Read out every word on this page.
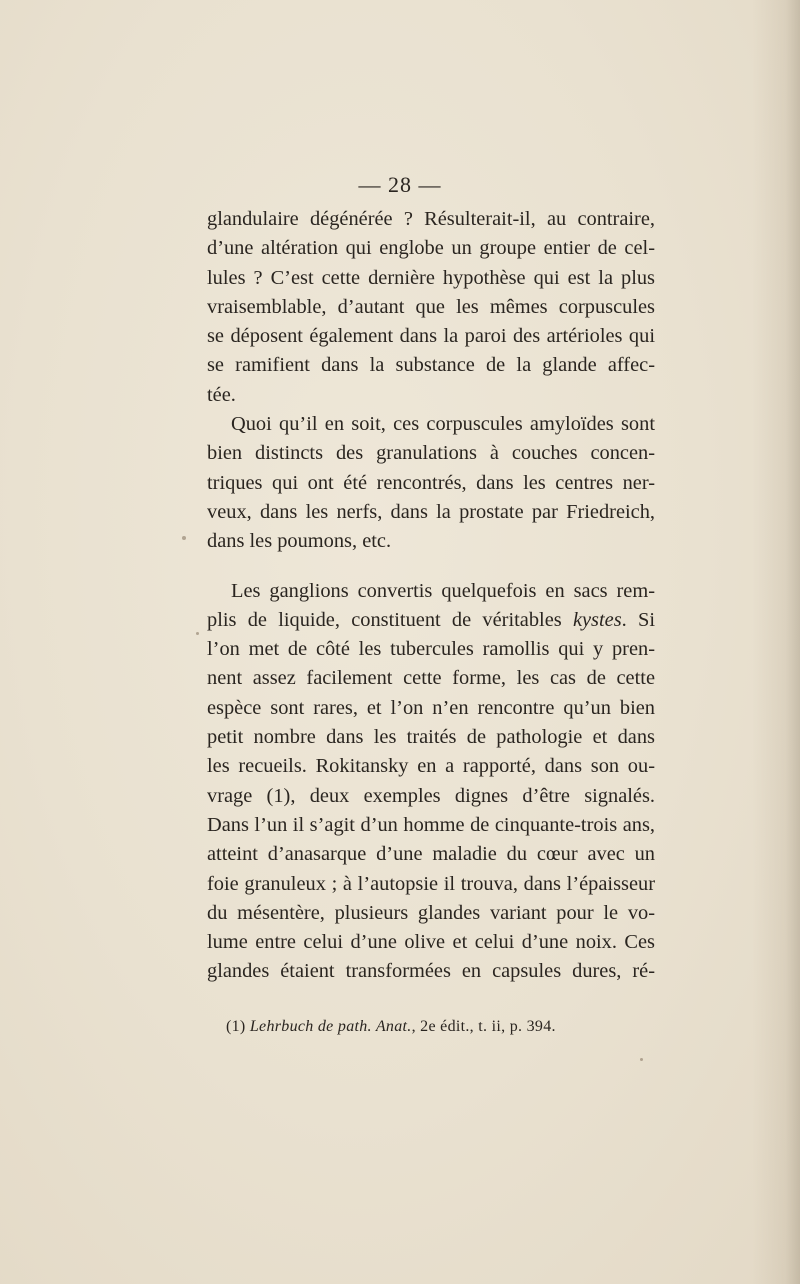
— 28 —
glandulaire dégénérée ? Résulterait-il, au contraire,
d’une altération qui englobe un groupe entier de cel-
lules ? C’est cette dernière hypothèse qui est la plus
vraisemblable, d’autant que les mêmes corpuscules
se déposent également dans la paroi des artérioles qui
se ramifient dans la substance de la glande affec-
tée.
Quoi qu’il en soit, ces corpuscules amyloïdes sont
bien distincts des granulations à couches concen-
triques qui ont été rencontrés, dans les centres ner-
veux, dans les nerfs, dans la prostate par Friedreich,
dans les poumons, etc.
Les ganglions convertis quelquefois en sacs rem-
plis de liquide, constituent de véritables kystes. Si
l’on met de côté les tubercules ramollis qui y pren-
nent assez facilement cette forme, les cas de cette
espèce sont rares, et l’on n’en rencontre qu’un bien
petit nombre dans les traités de pathologie et dans
les recueils. Rokitansky en a rapporté, dans son ou-
vrage (1), deux exemples dignes d’être signalés.
Dans l’un il s’agit d’un homme de cinquante-trois ans,
atteint d’anasarque d’une maladie du cœur avec un
foie granuleux ; à l’autopsie il trouva, dans l’épaisseur
du mésentère, plusieurs glandes variant pour le vo-
lume entre celui d’une olive et celui d’une noix. Ces
glandes étaient transformées en capsules dures, ré-
(1) Lehrbuch de path. Anat., 2e édit., t. ii, p. 394.
